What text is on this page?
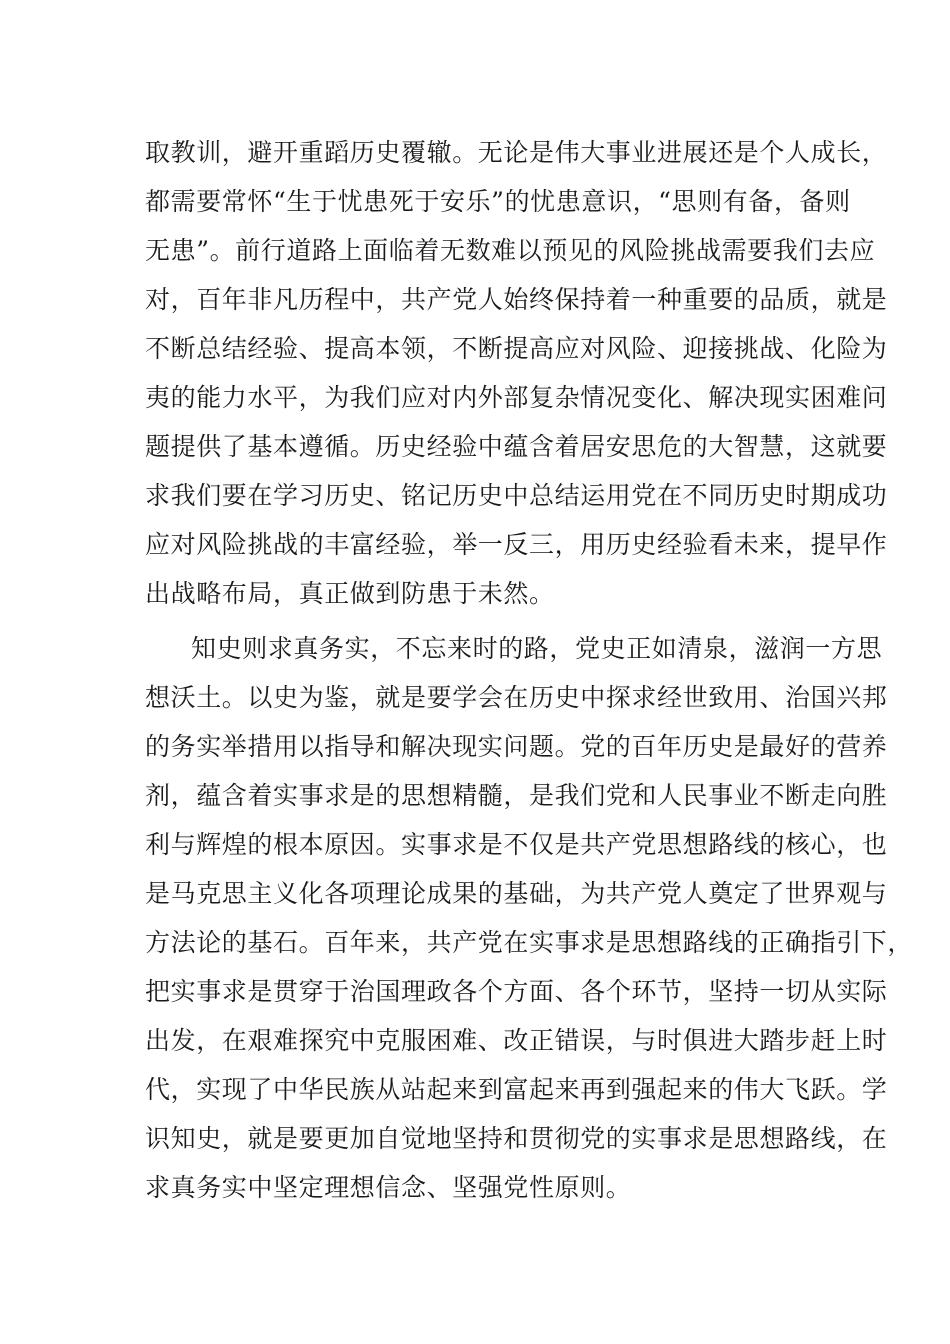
取教训，避开重蹈历史覆辙。无论是伟大事业进展还是个人成长，
都需要常怀“生于忧患死于安乐”的忧患意识，“思则有备，备则
无患”。前行道路上面临着无数难以预见的风险挑战需要我们去应
对，百年非凡历程中，共产党人始终保持着一种重要的品质，就是
不断总结经验、提高本领，不断提高应对风险、迎接挑战、化险为
夷的能力水平，为我们应对内外部复杂情况变化、解决现实困难问
题提供了基本遵循。历史经验中蕴含着居安思危的大智慧，这就要
求我们要在学习历史、铭记历史中总结运用党在不同历史时期成功
应对风险挑战的丰富经验，举一反三，用历史经验看未来，提早作
出战略布局，真正做到防患于未然。
知史则求真务实，不忘来时的路，党史正如清泉，滋润一方思
想沃土。以史为鉴，就是要学会在历史中探求经世致用、治国兴邦
的务实举措用以指导和解决现实问题。党的百年历史是最好的营养
剂，蕴含着实事求是的思想精髓，是我们党和人民事业不断走向胜
利与辉煌的根本原因。实事求是不仅是共产党思想路线的核心，也
是马克思主义化各项理论成果的基础，为共产党人奠定了世界观与
方法论的基石。百年来，共产党在实事求是思想路线的正确指引下，
把实事求是贯穿于治国理政各个方面、各个环节，坚持一切从实际
出发，在艰难探究中克服困难、改正错误，与时俱进大踏步赶上时
代，实现了中华民族从站起来到富起来再到强起来的伟大飞跃。学
识知史，就是要更加自觉地坚持和贯彻党的实事求是思想路线，在
求真务实中坚定理想信念、坚强党性原则。
